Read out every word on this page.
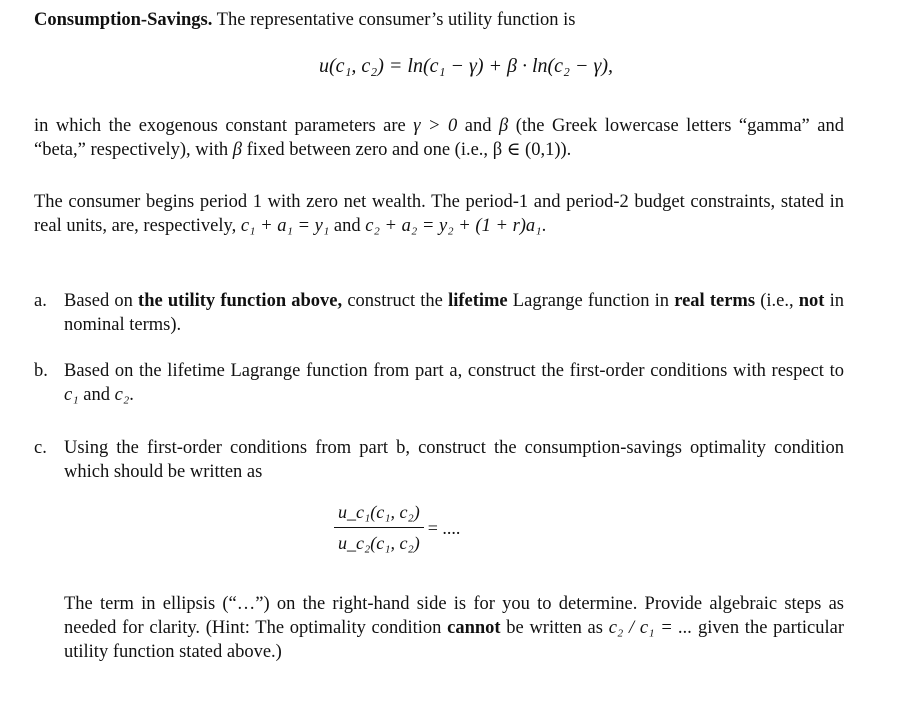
Consumption-Savings. The representative consumer’s utility function is
u(c₁, c₂) = ln(c₁ − γ) + β · ln(c₂ − γ),
in which the exogenous constant parameters are γ > 0 and β (the Greek lowercase letters “gamma” and “beta,” respectively), with β fixed between zero and one (i.e., β ∈ (0,1)).
The consumer begins period 1 with zero net wealth. The period-1 and period-2 budget constraints, stated in real units, are, respectively, c₁ + a₁ = y₁ and c₂ + a₂ = y₂ + (1 + r)a₁.
a. Based on the utility function above, construct the lifetime Lagrange function in real terms (i.e., not in nominal terms).
b. Based on the lifetime Lagrange function from part a, construct the first-order conditions with respect to c₁ and c₂.
c. Using the first-order conditions from part b, construct the consumption-savings optimality condition which should be written as
$\frac{\text{u\_c₁(c₁, c₂)}}{\text{u\_c₂(c₁, c₂)}}$ = ....
The term in ellipsis (“…”) on the right-hand side is for you to determine. Provide algebraic steps as needed for clarity. (Hint: The optimality condition cannot be written as c₂ / c₁ = ... given the particular utility function stated above.)
